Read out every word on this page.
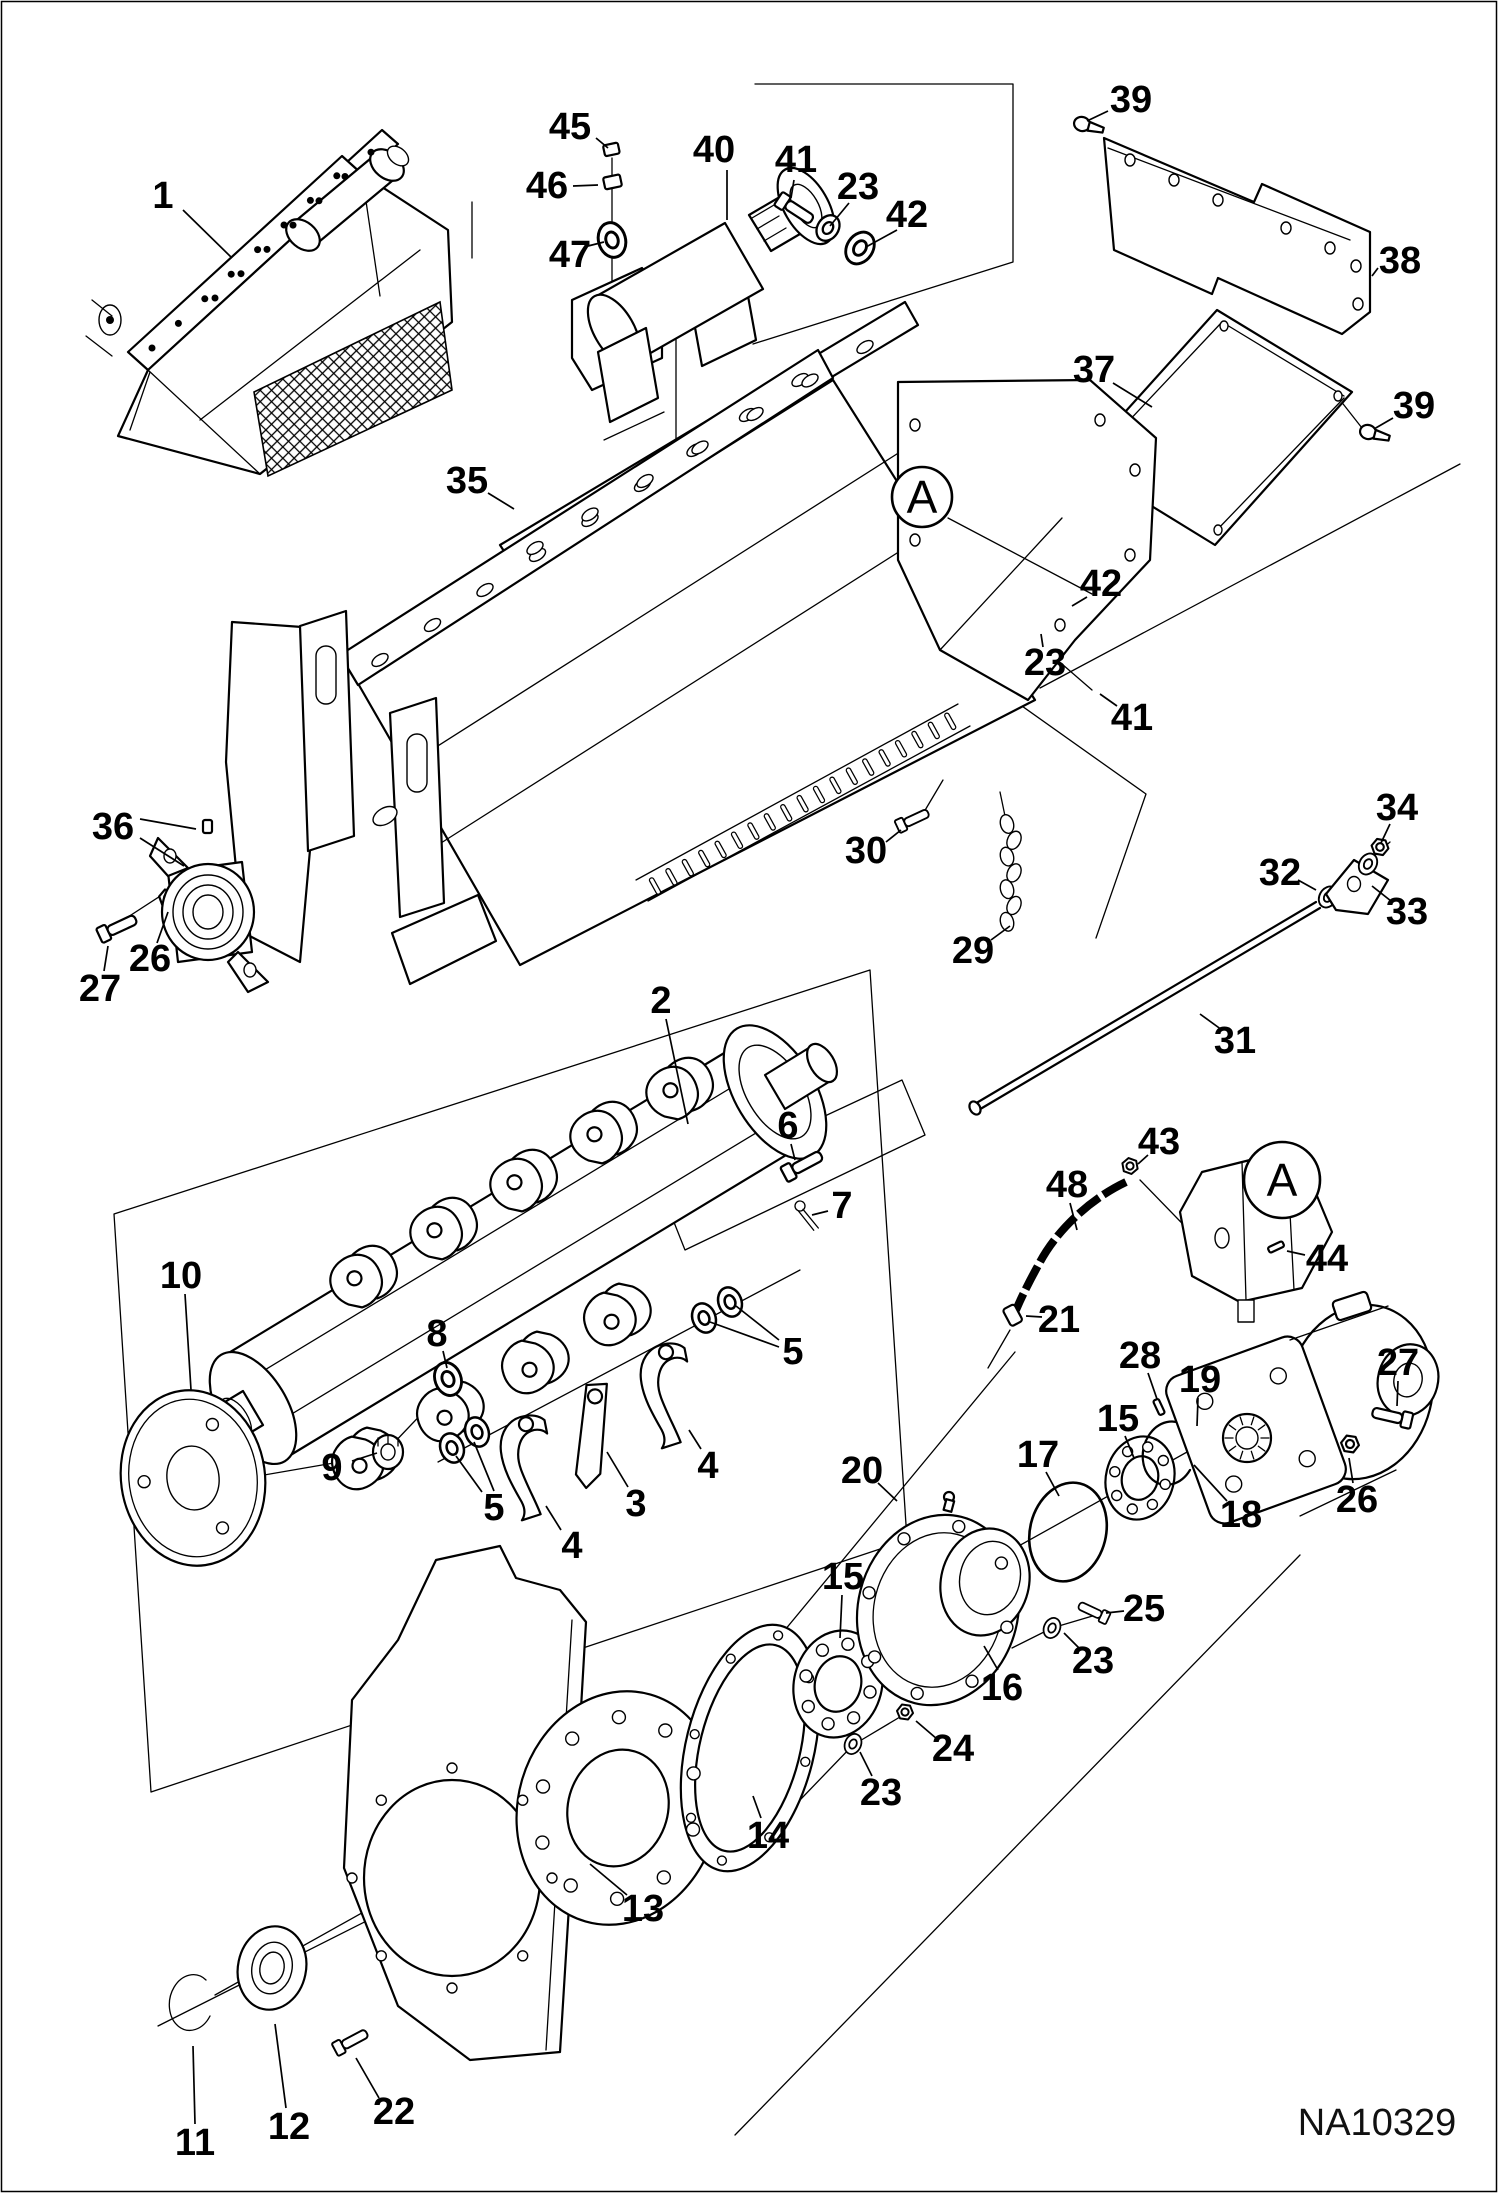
1
45
46
47
40 41
23
42
39
38
37
39
35
42
23
41
36
26
27
30
29
34
32
33
31
2
6
7
10
8
9
5
5	3
4
4
20
43
48
44
21
28
19	27
15
17
26
18
15
16
25
23
24
23
14
13
11 12 22
A
A
NA10329
